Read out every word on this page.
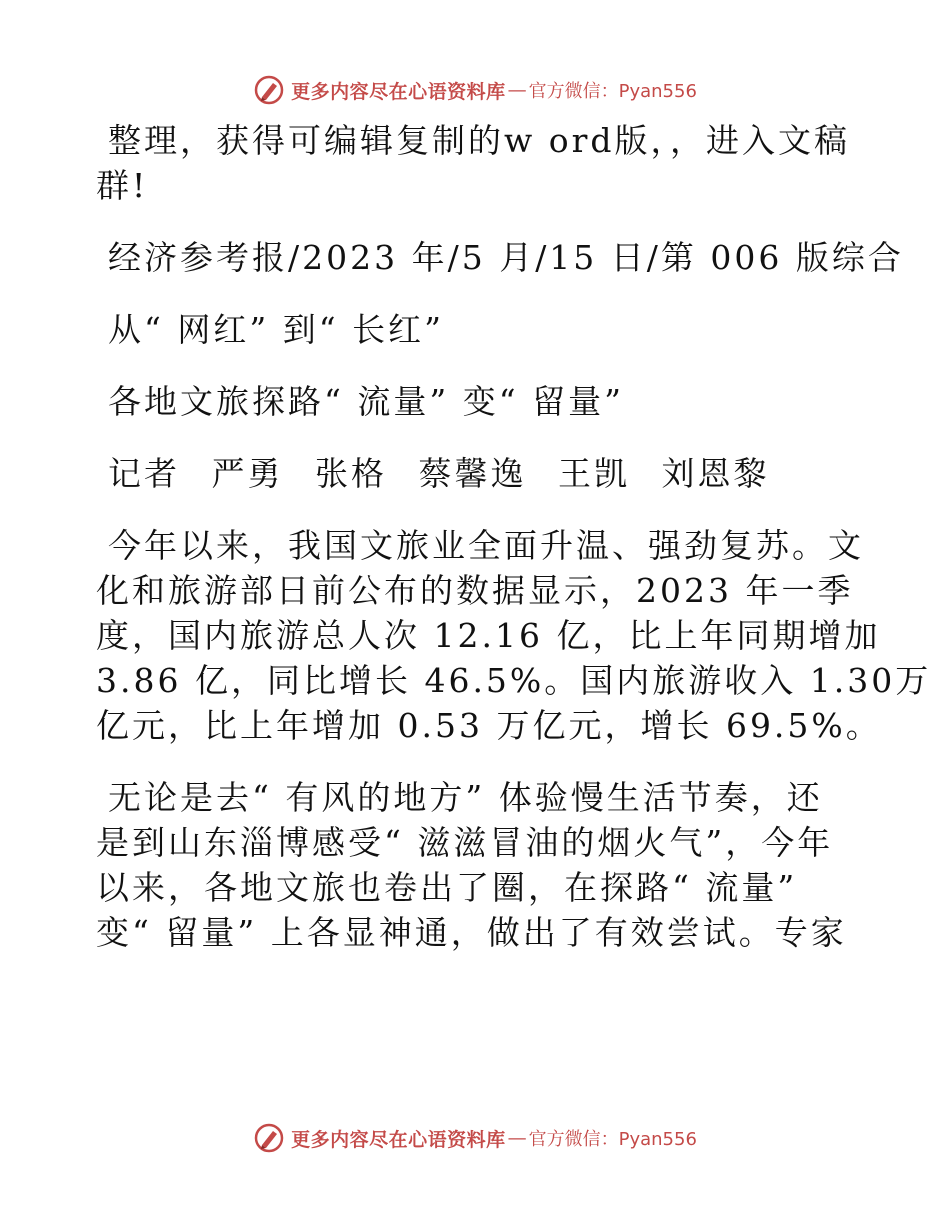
更多内容尽在心语资料库 — 官方微信：Pyan556

整理，获得可编辑复制的w ord版，，进入文稿

群!

经济参考报/2023 年/5 月/15 日/第 006 版综合

从“ 网红” 到“ 长红”

各地文旅探路“ 流量” 变“ 留量”

记者 严勇 张格 蔡馨逸 王凯 刘恩黎

今年以来，我国文旅业全面升温、强劲复苏。文

化和旅游部日前公布的数据显示，2023 年一季

度，国内旅游总人次 12.16 亿，比上年同期增加

3.86 亿，同比增长 46.5%。国内旅游收入 1.30万

亿元，比上年增加 0.53 万亿元，增长 69.5%。

无论是去“ 有风的地方” 体验慢生活节奏，还

是到山东淄博感受“ 滋滋冒油的烟火气”，今年

以来，各地文旅也卷出了圈，在探路“ 流量”

变“ 留量” 上各显神通，做出了有效尝试。专家

更多内容尽在心语资料库 — 官方微信：Pyan556
